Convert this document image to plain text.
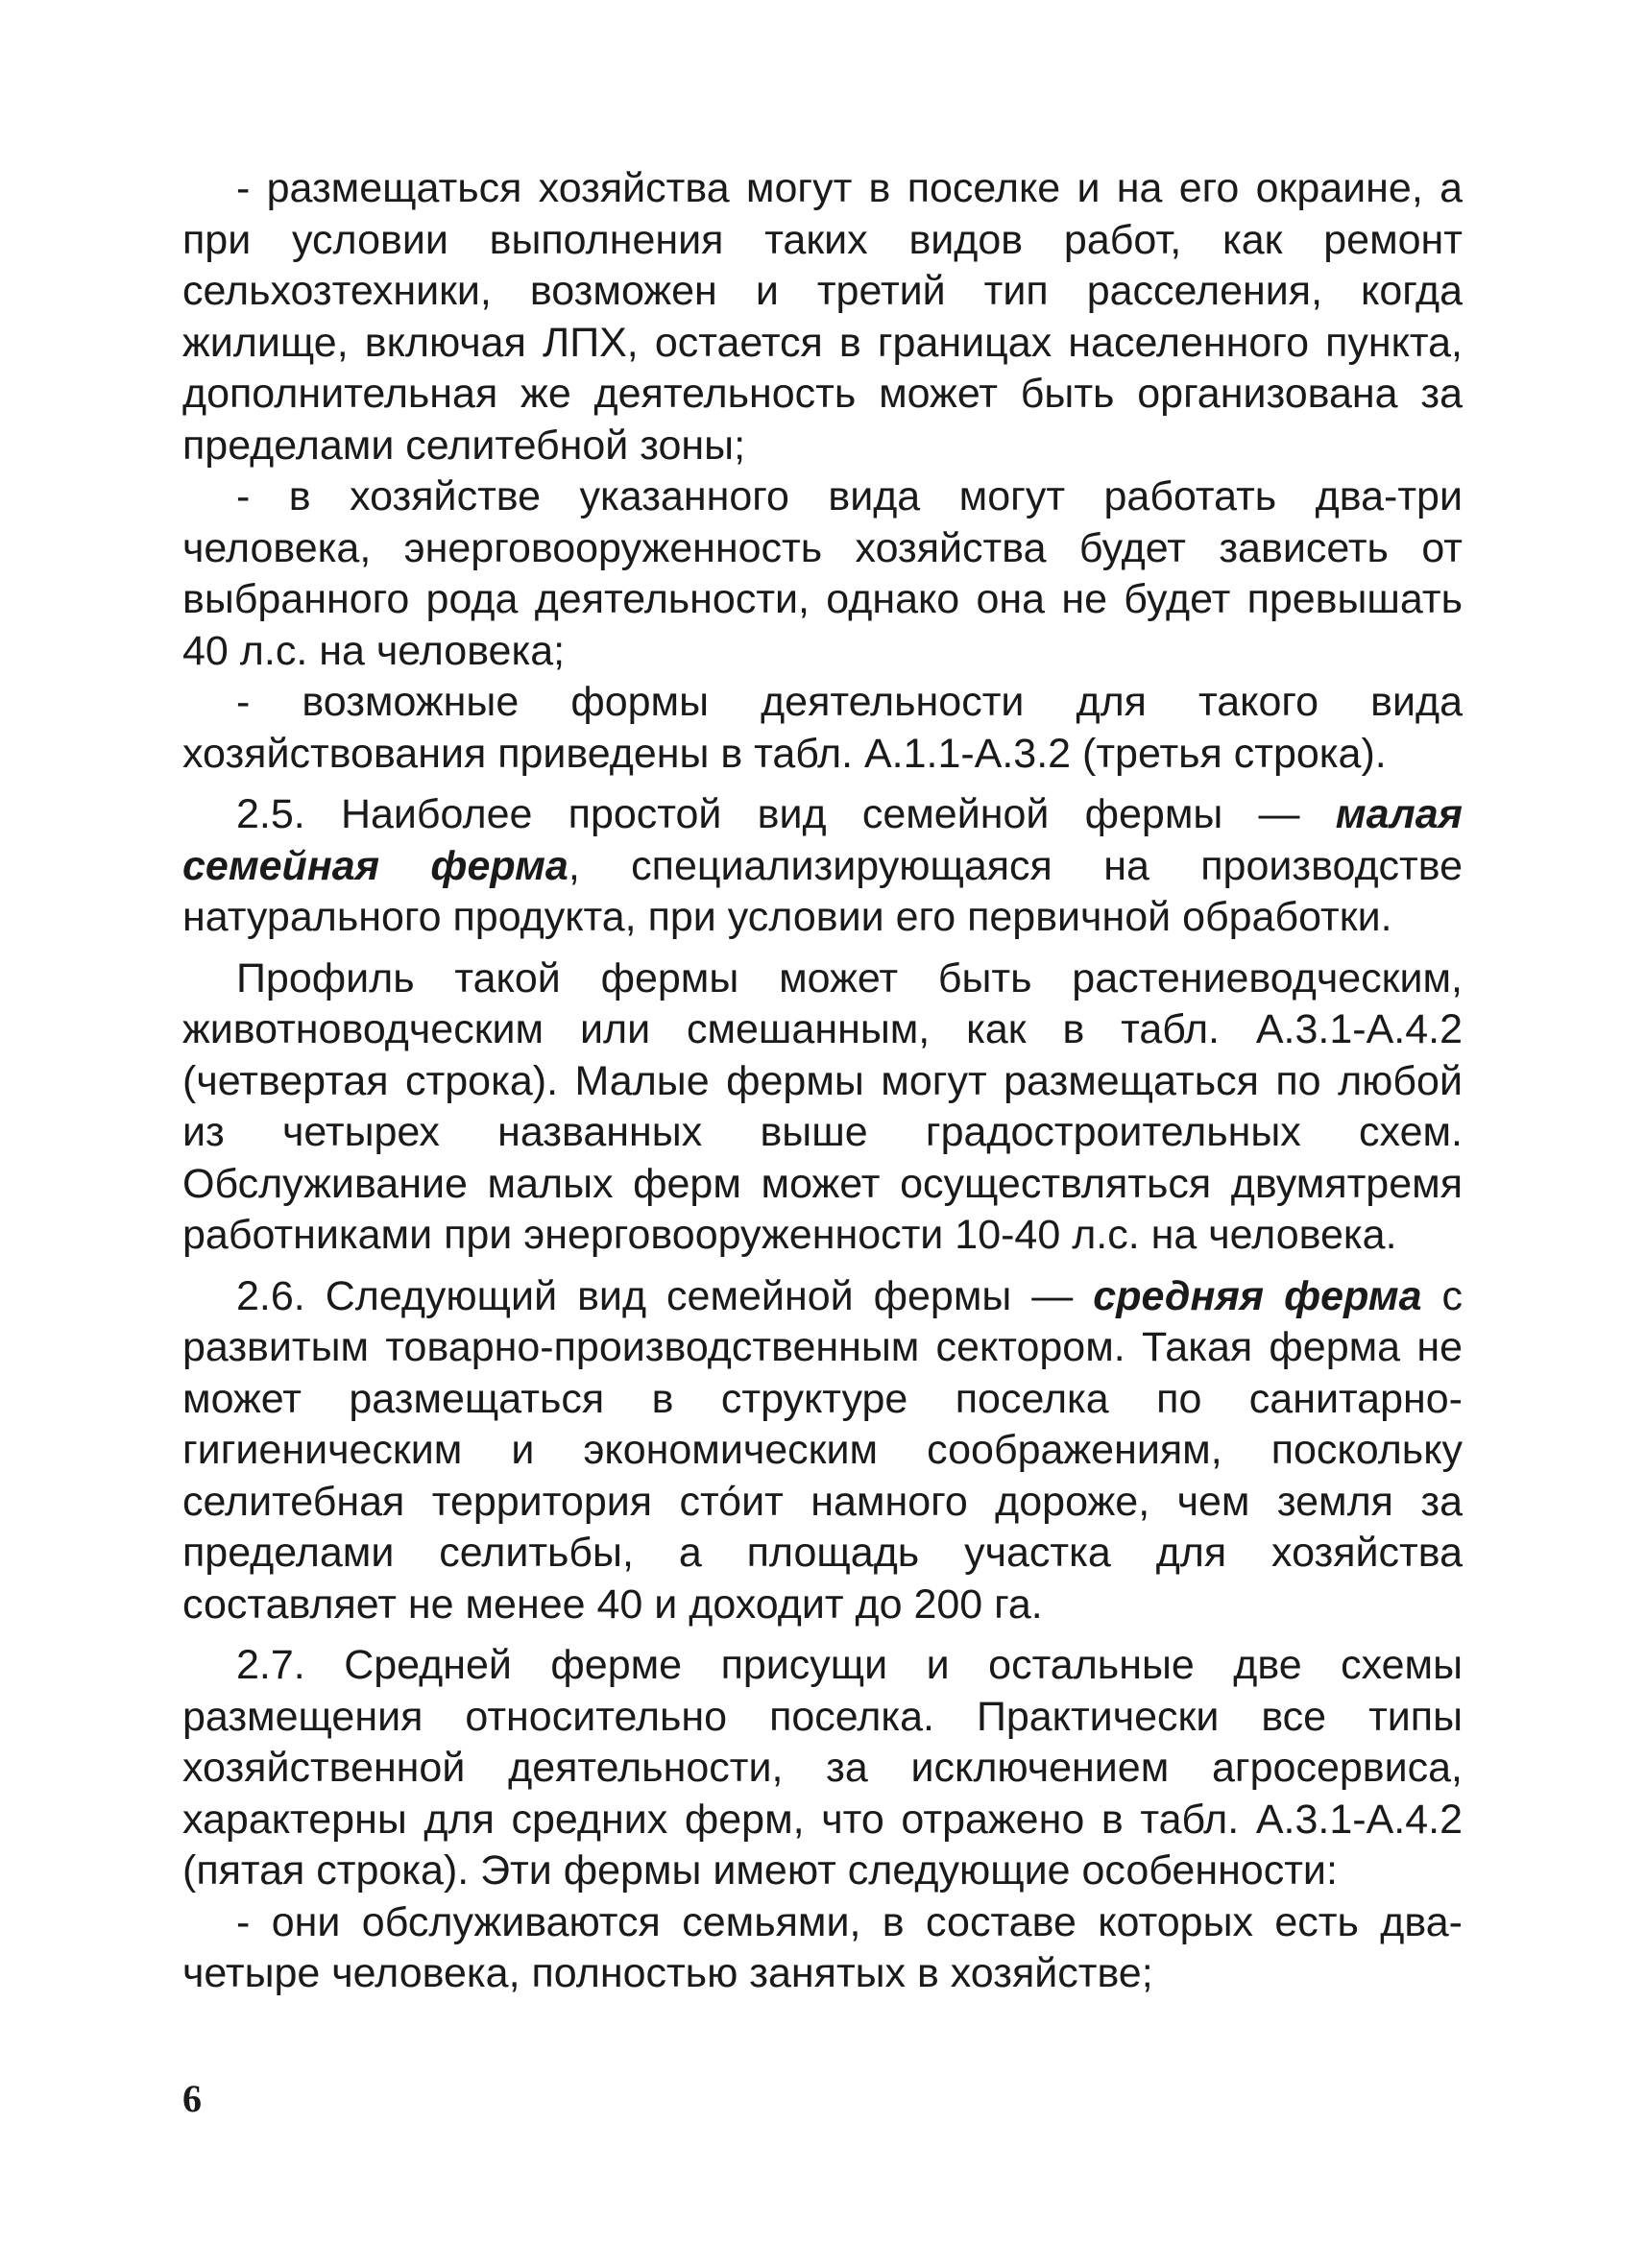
- размещаться хозяйства могут в поселке и на его окраине, а при условии выполнения таких видов работ, как ремонт сельхозтехники, возможен и третий тип расселения, когда жилище, включая ЛПХ, остается в границах населенного пункта, дополнительная же деятельность может быть организована за пределами селитебной зоны;

- в хозяйстве указанного вида могут работать два-три человека, энерговооруженность хозяйства будет зависеть от выбранного рода деятельности, однако она не будет превышать 40 л.с. на человека;

- возможные формы деятельности для такого вида хозяйствования приведены в табл. А.1.1-А.3.2 (третья строка).

2.5. Наиболее простой вид семейной фермы — малая семейная ферма, специализирующаяся на производстве натурального продукта, при условии его первичной обработки.

Профиль такой фермы может быть растениеводческим, животноводческим или смешанным, как в табл. А.3.1-А.4.2 (четвертая строка). Малые фермы могут размещаться по любой из четырех названных выше градостроительных схем. Обслуживание малых ферм может осуществляться двумятремя работниками при энерговооруженности 10-40 л.с. на человека.

2.6. Следующий вид семейной фермы — средняя ферма с развитым товарно-производственным сектором. Такая ферма не может размещаться в структуре поселка по санитарно-гигиеническим и экономическим соображениям, поскольку селитебная территория сто́ит намного дороже, чем земля за пределами селитьбы, а площадь участка для хозяйства составляет не менее 40 и доходит до 200 га.

2.7. Средней ферме присущи и остальные две схемы размещения относительно поселка. Практически все типы хозяйственной деятельности, за исключением агросервиса, характерны для средних ферм, что отражено в табл. А.3.1-А.4.2 (пятая строка). Эти фермы имеют следующие особенности:

- они обслуживаются семьями, в составе которых есть два-четыре человека, полностью занятых в хозяйстве;

6
